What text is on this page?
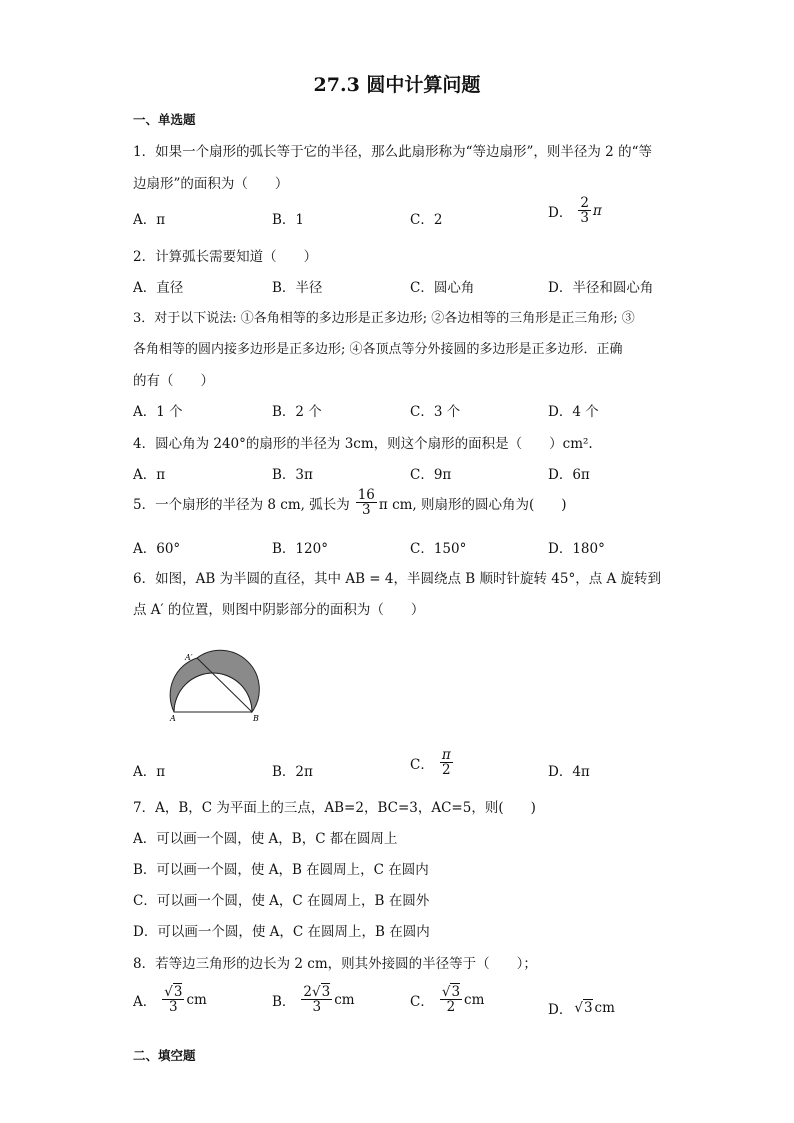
27.3 圆中计算问题
一、单选题
1．如果一个扇形的弧长等于它的半径，那么此扇形称为“等边扇形”，则半径为 2 的“等
边扇形”的面积为（　　）
A．π	B．1	C．2	D． $\frac{2}{3}$ π
2．计算弧长需要知道（　　）
A．直径	B．半径	C．圆心角	D．半径和圆心角
3．对于以下说法: ①各角相等的多边形是正多边形; ②各边相等的三角形是正三角形; ③
各角相等的圆内接多边形是正多边形; ④各顶点等分外接圆的多边形是正多边形．正确
的有（　　）
A．1 个	B．2 个	C．3 个	D．4 个
4．圆心角为 240°的扇形的半径为 3cm，则这个扇形的面积是（　　）cm².
A．π	B．3π	C．9π	D．6π
5．一个扇形的半径为 8 cm, 弧长为 $\frac{16}{3}$ π cm, 则扇形的圆心角为(　　)
A．60°	B．120°	C．150°	D．180°
6．如图，AB 为半圆的直径，其中 AB = 4，半圆绕点 B 顺时针旋转 45°，点 A 旋转到
点 A′ 的位置，则图中阴影部分的面积为（　　）
A′
A	B
A．π	B．2π	C． $\frac{\pi}{2}$	D．4π
7．A，B，C 为平面上的三点，AB=2，BC=3，AC=5，则(　　)
A．可以画一个圆，使 A，B，C 都在圆周上
B．可以画一个圆，使 A，B 在圆周上，C 在圆内
C．可以画一个圆，使 A，C 在圆周上，B 在圆外
D．可以画一个圆，使 A，C 在圆周上，B 在圆内
8．若等边三角形的边长为 2 cm，则其外接圆的半径等于（　　）；
A． $\frac{√3}{3}$ cm	B． $\frac{2√3}{3}$ cm	C． $\frac{√3}{2}$ cm
D． √3 cm
二、填空题
